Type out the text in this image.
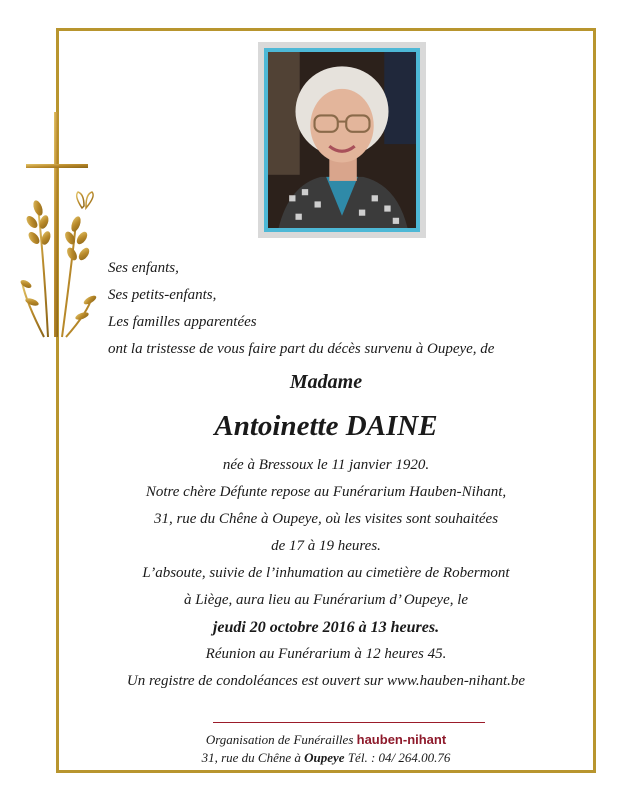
Ses enfants,
Ses petits-enfants,
Les familles apparentées
ont la tristesse de vous faire part du décès survenu à Oupeye, de
Madame
Antoinette DAINE
née à Bressoux le 11 janvier 1920.
Notre chère Défunte repose au Funérarium Hauben-Nihant,
31, rue du Chêne à Oupeye, où les visites sont souhaitées
de 17 à 19 heures.
L’absoute, suivie de l’inhumation au cimetière de Robermont
à Liège, aura lieu au Funérarium d’ Oupeye, le
jeudi 20 octobre 2016 à 13 heures.
Réunion au Funérarium à 12 heures 45.
Un registre de condoléances est ouvert sur www.hauben-nihant.be
Organisation de Funérailles hauben-nihant
31, rue du Chêne à Oupeye Tél. : 04/ 264.00.76
